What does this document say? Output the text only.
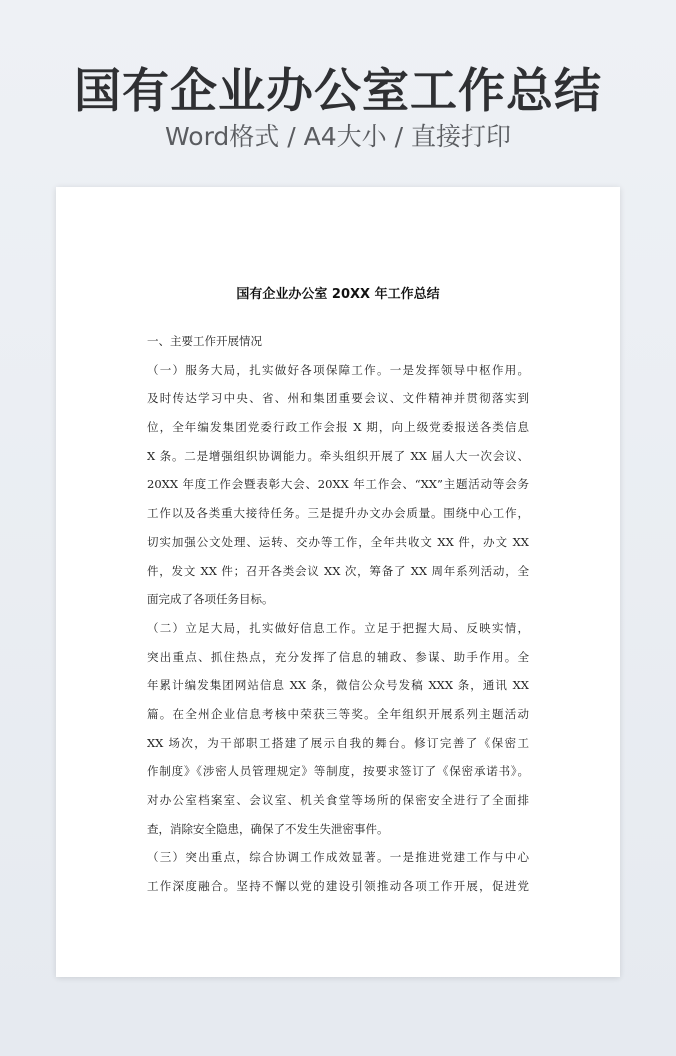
国有企业办公室工作总结
Word格式 / A4大小 / 直接打印
国有企业办公室 20XX 年工作总结
一、主要工作开展情况
（一）服务大局，扎实做好各项保障工作。一是发挥领导中枢作用。
及时传达学习中央、省、州和集团重要会议、文件精神并贯彻落实到
位，全年编发集团党委行政工作会报 X 期，向上级党委报送各类信息
X 条。二是增强组织协调能力。牵头组织开展了 XX 届人大一次会议、
20XX 年度工作会暨表彰大会、20XX 年工作会、“XX”主题活动等会务
工作以及各类重大接待任务。三是提升办文办会质量。围绕中心工作，
切实加强公文处理、运转、交办等工作，全年共收文 XX 件，办文 XX
件，发文 XX 件；召开各类会议 XX 次，筹备了 XX 周年系列活动，全
面完成了各项任务目标。
（二）立足大局，扎实做好信息工作。立足于把握大局、反映实情，
突出重点、抓住热点，充分发挥了信息的辅政、参谋、助手作用。全
年累计编发集团网站信息 XX 条，微信公众号发稿 XXX 条，通讯 XX
篇。在全州企业信息考核中荣获三等奖。全年组织开展系列主题活动
XX 场次，为干部职工搭建了展示自我的舞台。修订完善了《保密工
作制度》《涉密人员管理规定》等制度，按要求签订了《保密承诺书》。
对办公室档案室、会议室、机关食堂等场所的保密安全进行了全面排
查，消除安全隐患，确保了不发生失泄密事件。
（三）突出重点，综合协调工作成效显著。一是推进党建工作与中心
工作深度融合。坚持不懈以党的建设引领推动各项工作开展，促进党
